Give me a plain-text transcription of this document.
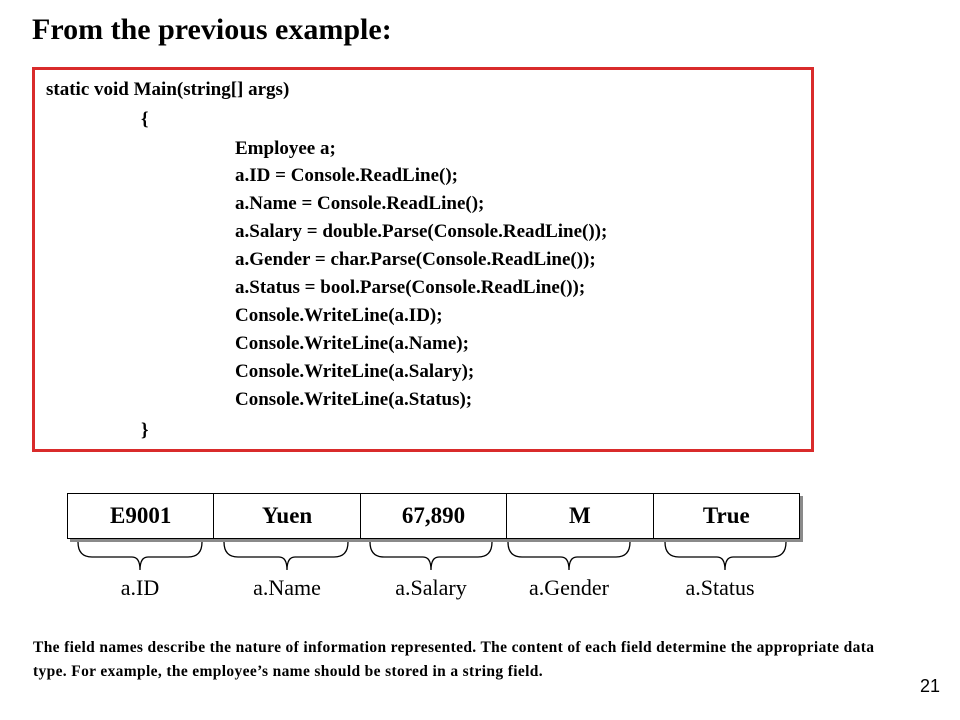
From the previous example:
static void Main(string[] args)
{
Employee a;
a.ID = Console.ReadLine();
a.Name = Console.ReadLine();
a.Salary = double.Parse(Console.ReadLine());
a.Gender = char.Parse(Console.ReadLine());
a.Status = bool.Parse(Console.ReadLine());
Console.WriteLine(a.ID);
Console.WriteLine(a.Name);
Console.WriteLine(a.Salary);
Console.WriteLine(a.Status);
}
E9001	Yuen	67,890	M	True
a.ID	a.Name	a.Salary	a.Gender	a.Status

The field names describe the nature of information represented. The content of each field determine the appropriate data type. For example, the employee’s name should be stored in a string field.

21
